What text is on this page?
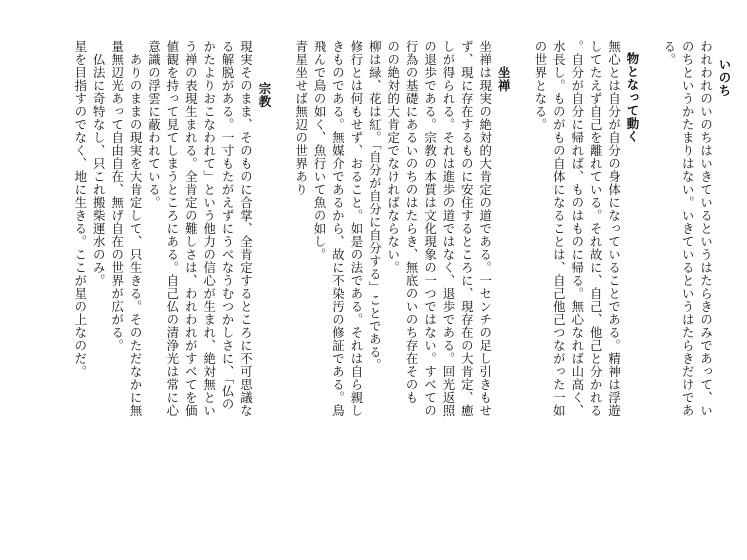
いのち
われわれのいのちはいきているというはたらきのみであって、い
のちというかたまりはない。いきているというはたらきだけであ
る。
物となって動く
無心とは自分が自分の身体になっていることである。精神は浮遊
してたえず自己を離れている。それ故に、自己、他己と分かれる
。自分が自分に帰れば、ものはものに帰る。無心なれば山高く、
水長し。ものがもの自体になることは、自己他己つながった一如
の世界となる。
坐禅
坐禅は現実の絶対的大肯定の道である。一センチの足し引きもせ
ず、現に存在するものに安住するところに、現存在の大肯定、癒
しが得られる。それは進歩の道ではなく、退歩である。回光返照
の退歩である。宗教の本質は文化現象の一つではない。すべての
行為の基礎にあるいのちのはたらき、無底のいのち存在そのも
のの絶対的大肯定でなければならない。
柳は緑、花は紅。「自分が自分に自分する」ことである。
修行とは何もせず、おること。如是の法である。それは自ら親し
きものである。無媒介であるから、故に不染汚の修証である。鳥
飛んで鳥の如く、魚行いて魚の如し。
青星坐せば無辺の世界あり
宗教
現実そのまま、そのものに合掌、全肯定するところに不可思議な
る解脱がある。一寸もたがえずにうべなうむつかしさに、「仏の
かたよりおこなわれて」という他力の信心が生まれ、絶対無とい
う禅の表現生まれる。全肯定の難しさは、われわれがすべてを価
値観を持って見てしまうところにある。自己仏の清浄光は常に心
意識の浮雲に蔽われている。
　ありのままの現実を大肯定して、只生きる。そのただなかに無
量無辺光あって自由自在、無げ自在の世界が広がる。
　仏法に奇特なし、只これ搬柴運水のみ。
星を目指すのでなく、地に生きる。ここが星の上なのだ。
